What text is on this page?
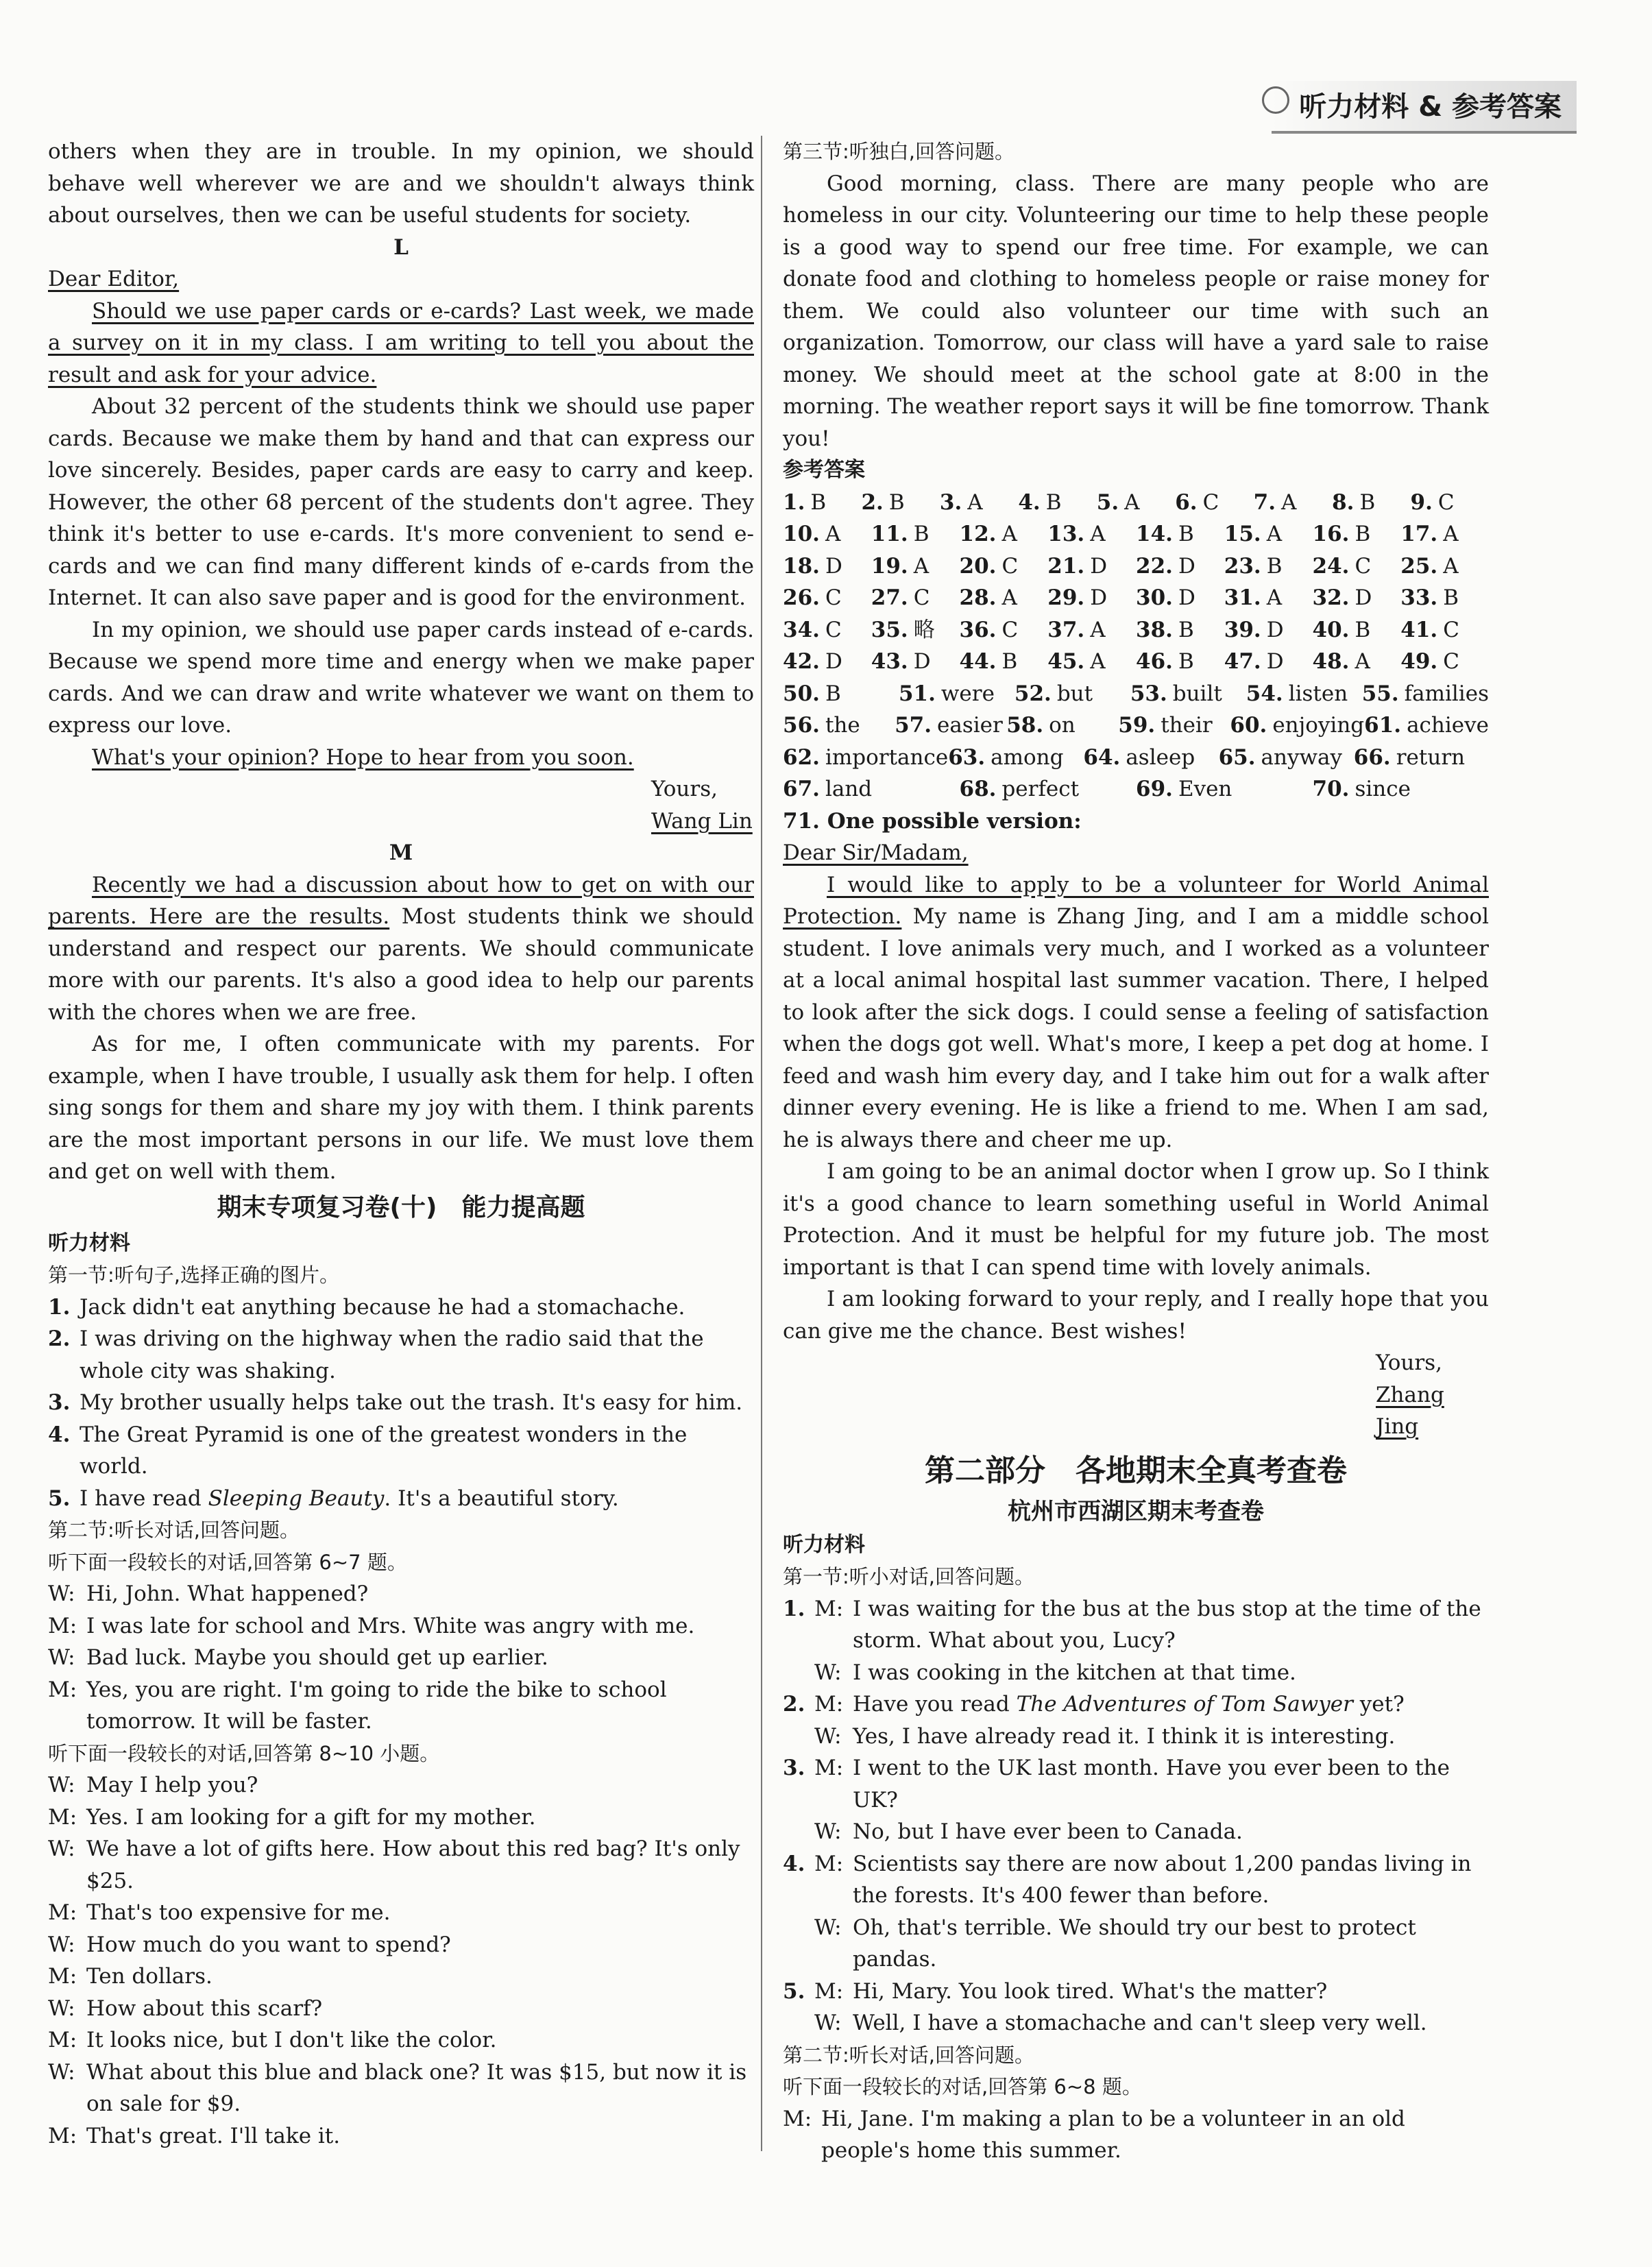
听力材料 & 参考答案

others when they are in trouble. In my opinion, we should behave well wherever we are and we shouldn't always think about ourselves, then we can be useful students for society.

L

Dear Editor,

Should we use paper cards or e-cards? Last week, we made a survey on it in my class. I am writing to tell you about the result and ask for your advice.

About 32 percent of the students think we should use paper cards. Because we make them by hand and that can express our love sincerely. Besides, paper cards are easy to carry and keep. However, the other 68 percent of the students don't agree. They think it's better to use e-cards. It's more convenient to send e-cards and we can find many different kinds of e-cards from the Internet. It can also save paper and is good for the environment.

In my opinion, we should use paper cards instead of e-cards. Because we spend more time and energy when we make paper cards. And we can draw and write whatever we want on them to express our love.

What's your opinion? Hope to hear from you soon.

Yours,

Wang Lin

M

Recently we had a discussion about how to get on with our parents. Here are the results. Most students think we should understand and respect our parents. We should communicate more with our parents. It's also a good idea to help our parents with the chores when we are free.

As for me, I often communicate with my parents. For example, when I have trouble, I usually ask them for help. I often sing songs for them and share my joy with them. I think parents are the most important persons in our life. We must love them and get on well with them.

期末专项复习卷(十)　能力提高题

听力材料

第一节:听句子,选择正确的图片。

1. Jack didn't eat anything because he had a stomachache.
2. I was driving on the highway when the radio said that the whole city was shaking.
3. My brother usually helps take out the trash. It's easy for him.
4. The Great Pyramid is one of the greatest wonders in the world.
5. I have read Sleeping Beauty. It's a beautiful story.

第二节:听长对话,回答问题。

听下面一段较长的对话,回答第 6~7 题。

W: Hi, John. What happened?
M: I was late for school and Mrs. White was angry with me.
W: Bad luck. Maybe you should get up earlier.
M: Yes, you are right. I'm going to ride the bike to school tomorrow. It will be faster.

听下面一段较长的对话,回答第 8~10 小题。

W: May I help you?
M: Yes. I am looking for a gift for my mother.
W: We have a lot of gifts here. How about this red bag? It's only $25.
M: That's too expensive for me.
W: How much do you want to spend?
M: Ten dollars.
W: How about this scarf?
M: It looks nice, but I don't like the color.
W: What about this blue and black one? It was $15, but now it is on sale for $9.
M: That's great. I'll take it.

第三节:听独白,回答问题。

Good morning, class. There are many people who are homeless in our city. Volunteering our time to help these people is a good way to spend our free time. For example, we can donate food and clothing to homeless people or raise money for them. We could also volunteer our time with such an organization. Tomorrow, our class will have a yard sale to raise money. We should meet at the school gate at 8:00 in the morning. The weather report says it will be fine tomorrow. Thank you!

参考答案

1. B	2. B	3. A	4. B	5. A	6. C	7. A	8. B	9. C
10. A	11. B	12. A	13. A	14. B	15. A	16. B	17. A
18. D	19. A	20. C	21. D	22. D	23. B	24. C	25. A
26. C	27. C	28. A	29. D	30. D	31. A	32. D	33. B
34. C	35. 略	36. C	37. A	38. B	39. D	40. B	41. C
42. D	43. D	44. B	45. A	46. B	47. D	48. A	49. C
50. B	51. were 52. but	53. built	54. listen 55. families
56. the	57. easier 58. on	59. their 60. enjoying 61. achieve
62. importance 63. among 64. asleep	65. anyway 66. return
67. land	68. perfect	69. Even	70. since

71. One possible version:

Dear Sir/Madam,

I would like to apply to be a volunteer for World Animal Protection. My name is Zhang Jing, and I am a middle school student. I love animals very much, and I worked as a volunteer at a local animal hospital last summer vacation. There, I helped to look after the sick dogs. I could sense a feeling of satisfaction when the dogs got well. What's more, I keep a pet dog at home. I feed and wash him every day, and I take him out for a walk after dinner every evening. He is like a friend to me. When I am sad, he is always there and cheer me up.

I am going to be an animal doctor when I grow up. So I think it's a good chance to learn something useful in World Animal Protection. And it must be helpful for my future job. The most important is that I can spend time with lovely animals.

I am looking forward to your reply, and I really hope that you can give me the chance. Best wishes!

Yours,

Zhang Jing

第二部分　各地期末全真考查卷

杭州市西湖区期末考查卷

听力材料

第一节:听小对话,回答问题。

1. M: I was waiting for the bus at the bus stop at the time of the storm. What about you, Lucy?
W: I was cooking in the kitchen at that time.
2. M: Have you read The Adventures of Tom Sawyer yet?
W: Yes, I have already read it. I think it is interesting.
3. M: I went to the UK last month. Have you ever been to the UK?
W: No, but I have ever been to Canada.
4. M: Scientists say there are now about 1,200 pandas living in the forests. It's 400 fewer than before.
W: Oh, that's terrible. We should try our best to protect pandas.
5. M: Hi, Mary. You look tired. What's the matter?
W: Well, I have a stomachache and can't sleep very well.

第二节:听长对话,回答问题。

听下面一段较长的对话,回答第 6~8 题。

M: Hi, Jane. I'm making a plan to be a volunteer in an old people's home this summer.
